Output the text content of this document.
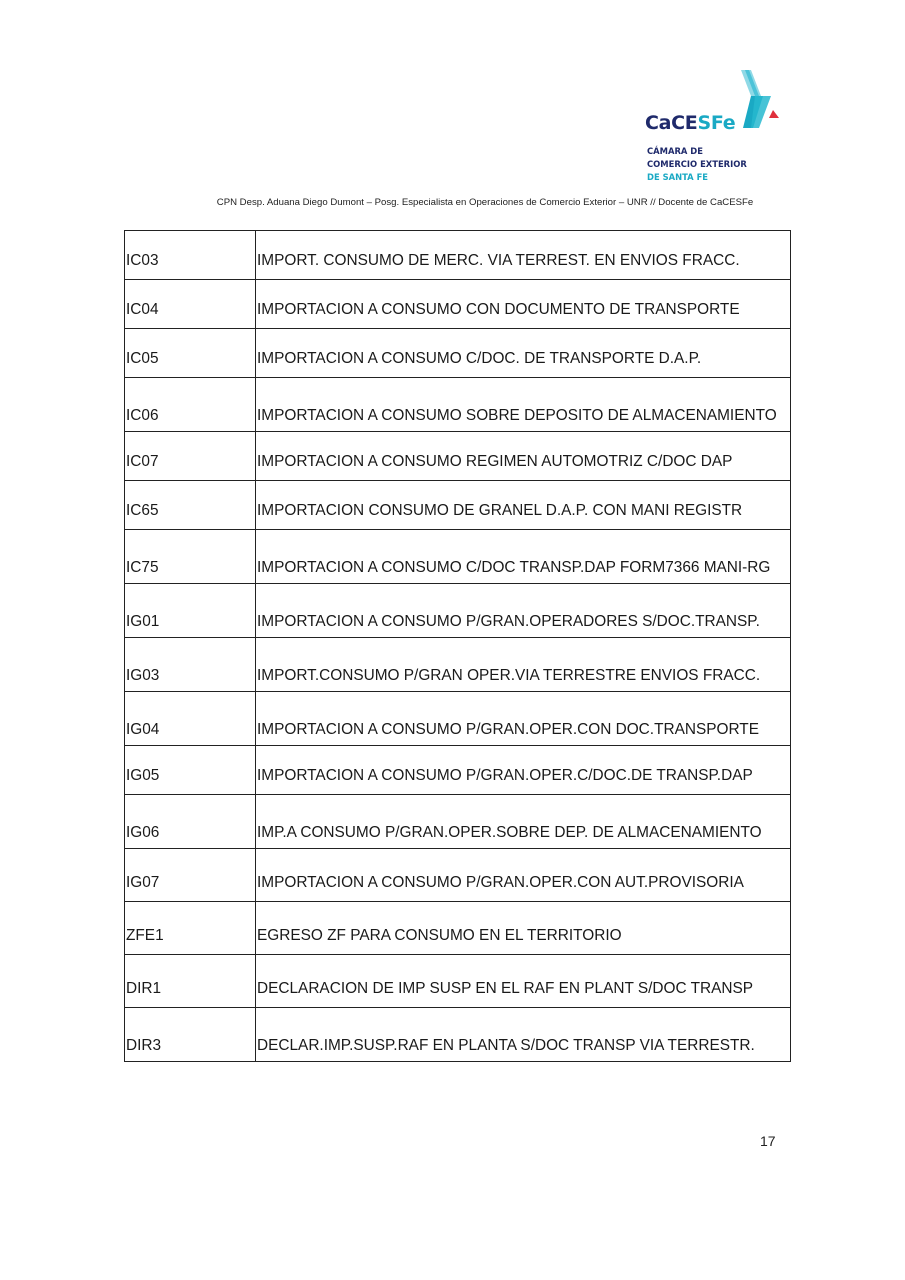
CaCESFe
CÁMARA DE
COMERCIO EXTERIOR
DE SANTA FE
CPN Desp. Aduana Diego Dumont – Posg. Especialista en Operaciones de Comercio Exterior – UNR // Docente de CaCESFe
IC03	IMPORT. CONSUMO DE MERC. VIA TERREST. EN ENVIOS FRACC.
IC04	IMPORTACION A CONSUMO CON DOCUMENTO DE TRANSPORTE
IC05	IMPORTACION A CONSUMO C/DOC. DE TRANSPORTE D.A.P.
IC06	IMPORTACION A CONSUMO SOBRE DEPOSITO DE ALMACENAMIENTO
IC07	IMPORTACION A CONSUMO REGIMEN AUTOMOTRIZ C/DOC DAP
IC65	IMPORTACION CONSUMO DE GRANEL D.A.P. CON MANI REGISTR
IC75	IMPORTACION A CONSUMO C/DOC TRANSP.DAP FORM7366 MANI-RG
IG01	IMPORTACION A CONSUMO P/GRAN.OPERADORES S/DOC.TRANSP.
IG03	IMPORT.CONSUMO P/GRAN OPER.VIA TERRESTRE ENVIOS FRACC.
IG04	IMPORTACION A CONSUMO P/GRAN.OPER.CON DOC.TRANSPORTE
IG05	IMPORTACION A CONSUMO P/GRAN.OPER.C/DOC.DE TRANSP.DAP
IG06	IMP.A CONSUMO P/GRAN.OPER.SOBRE DEP. DE ALMACENAMIENTO
IG07	IMPORTACION A CONSUMO P/GRAN.OPER.CON AUT.PROVISORIA
ZFE1	EGRESO ZF PARA CONSUMO EN EL TERRITORIO
DIR1	DECLARACION DE IMP SUSP EN EL RAF EN PLANT S/DOC TRANSP
DIR3	DECLAR.IMP.SUSP.RAF EN PLANTA S/DOC TRANSP VIA TERRESTR.
17
